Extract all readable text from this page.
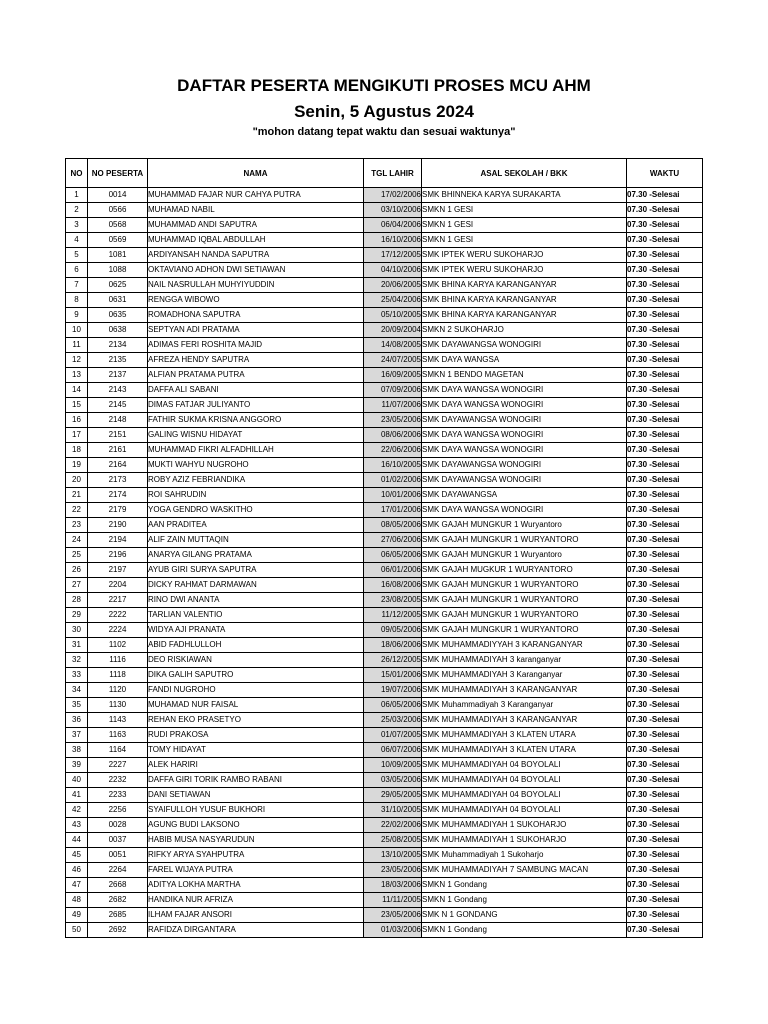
DAFTAR PESERTA MENGIKUTI PROSES MCU AHM
Senin, 5 Agustus 2024
"mohon datang tepat waktu dan sesuai waktunya"
NO	NO PESERTA	NAMA	TGL LAHIR	ASAL SEKOLAH / BKK	WAKTU
1	0014	MUHAMMAD FAJAR NUR CAHYA PUTRA	17/02/2006	SMK BHINNEKA KARYA SURAKARTA	07.30 -Selesai
2	0566	MUHAMAD NABIL	03/10/2006	SMKN 1 GESI	07.30 -Selesai
3	0568	MUHAMMAD ANDI SAPUTRA	06/04/2006	SMKN 1 GESI	07.30 -Selesai
4	0569	MUHAMMAD IQBAL ABDULLAH	16/10/2006	SMKN 1 GESI	07.30 -Selesai
5	1081	ARDIYANSAH NANDA SAPUTRA	17/12/2005	SMK IPTEK WERU SUKOHARJO	07.30 -Selesai
6	1088	OKTAVIANO ADHON DWI SETIAWAN	04/10/2006	SMK IPTEK WERU SUKOHARJO	07.30 -Selesai
7	0625	NAIL NASRULLAH MUHYIYUDDIN	20/06/2005	SMK BHINA KARYA KARANGANYAR	07.30 -Selesai
8	0631	RENGGA WIBOWO	25/04/2006	SMK BHINA KARYA KARANGANYAR	07.30 -Selesai
9	0635	ROMADHONA SAPUTRA	05/10/2005	SMK BHINA KARYA KARANGANYAR	07.30 -Selesai
10	0638	SEPTYAN ADI PRATAMA	20/09/2004	SMKN 2 SUKOHARJO	07.30 -Selesai
11	2134	ADIMAS FERI ROSHITA MAJID	14/08/2005	SMK DAYAWANGSA WONOGIRI	07.30 -Selesai
12	2135	AFREZA HENDY SAPUTRA	24/07/2005	SMK DAYA WANGSA	07.30 -Selesai
13	2137	ALFIAN PRATAMA PUTRA	16/09/2005	SMKN 1 BENDO MAGETAN	07.30 -Selesai
14	2143	DAFFA ALI SABANI	07/09/2006	SMK DAYA WANGSA WONOGIRI	07.30 -Selesai
15	2145	DIMAS FATJAR JULIYANTO	11/07/2006	SMK DAYA WANGSA WONOGIRI	07.30 -Selesai
16	2148	FATHIR SUKMA KRISNA ANGGORO	23/05/2006	SMK DAYAWANGSA WONOGIRI	07.30 -Selesai
17	2151	GALING WISNU HIDAYAT	08/06/2006	SMK DAYA WANGSA WONOGIRI	07.30 -Selesai
18	2161	MUHAMMAD FIKRI ALFADHILLAH	22/06/2006	SMK DAYA WANGSA WONOGIRI	07.30 -Selesai
19	2164	MUKTI WAHYU NUGROHO	16/10/2005	SMK DAYAWANGSA WONOGIRI	07.30 -Selesai
20	2173	ROBY AZIZ FEBRIANDIKA	01/02/2006	SMK DAYAWANGSA WONOGIRI	07.30 -Selesai
21	2174	ROI SAHRUDIN	10/01/2006	SMK DAYAWANGSA	07.30 -Selesai
22	2179	YOGA GENDRO WASKITHO	17/01/2006	SMK DAYA WANGSA WONOGIRI	07.30 -Selesai
23	2190	AAN PRADITEA	08/05/2006	SMK GAJAH MUNGKUR 1 Wuryantoro	07.30 -Selesai
24	2194	ALIF ZAIN MUTTAQIN	27/06/2006	SMK GAJAH MUNGKUR 1 WURYANTORO	07.30 -Selesai
25	2196	ANARYA GILANG PRATAMA	06/05/2006	SMK GAJAH MUNGKUR 1 Wuryantoro	07.30 -Selesai
26	2197	AYUB GIRI SURYA SAPUTRA	06/01/2006	SMK GAJAH MUGKUR 1 WURYANTORO	07.30 -Selesai
27	2204	DICKY RAHMAT DARMAWAN	16/08/2006	SMK GAJAH MUNGKUR 1 WURYANTORO	07.30 -Selesai
28	2217	RINO DWI ANANTA	23/08/2005	SMK GAJAH MUNGKUR 1 WURYANTORO	07.30 -Selesai
29	2222	TARLIAN VALENTIO	11/12/2005	SMK GAJAH MUNGKUR 1 WURYANTORO	07.30 -Selesai
30	2224	WIDYA AJI PRANATA	09/05/2006	SMK GAJAH MUNGKUR 1 WURYANTORO	07.30 -Selesai
31	1102	ABID FADHLULLOH	18/06/2006	SMK MUHAMMADIYYAH 3 KARANGANYAR	07.30 -Selesai
32	1116	DEO RISKIAWAN	26/12/2005	SMK MUHAMMADIYAH 3 karanganyar	07.30 -Selesai
33	1118	DIKA GALIH SAPUTRO	15/01/2006	SMK MUHAMMADIYAH 3 Karanganyar	07.30 -Selesai
34	1120	FANDI NUGROHO	19/07/2006	SMK MUHAMMADIYAH 3 KARANGANYAR	07.30 -Selesai
35	1130	MUHAMAD NUR FAISAL	06/05/2006	SMK Muhammadiyah 3 Karanganyar	07.30 -Selesai
36	1143	REHAN EKO PRASETYO	25/03/2006	SMK MUHAMMADIYAH 3 KARANGANYAR	07.30 -Selesai
37	1163	RUDI PRAKOSA	01/07/2005	SMK MUHAMMADIYAH 3 KLATEN UTARA	07.30 -Selesai
38	1164	TOMY HIDAYAT	06/07/2006	SMK MUHAMMADIYAH 3 KLATEN UTARA	07.30 -Selesai
39	2227	ALEK HARIRI	10/09/2005	SMK MUHAMMADIYAH 04 BOYOLALI	07.30 -Selesai
40	2232	DAFFA GIRI TORIK RAMBO RABANI	03/05/2006	SMK MUHAMMADIYAH 04 BOYOLALI	07.30 -Selesai
41	2233	DANI SETIAWAN	29/05/2005	SMK MUHAMMADIYAH 04 BOYOLALI	07.30 -Selesai
42	2256	SYAIFULLOH YUSUF BUKHORI	31/10/2005	SMK MUHAMMADIYAH 04 BOYOLALI	07.30 -Selesai
43	0028	AGUNG BUDI LAKSONO	22/02/2006	SMK MUHAMMADIYAH 1 SUKOHARJO	07.30 -Selesai
44	0037	HABIB MUSA NASYARUDUN	25/08/2005	SMK MUHAMMADIYAH 1 SUKOHARJO	07.30 -Selesai
45	0051	RIFKY ARYA SYAHPUTRA	13/10/2005	SMK Muhammadiyah 1 Sukoharjo	07.30 -Selesai
46	2264	FAREL WIJAYA PUTRA	23/05/2006	SMK MUHAMMADIYAH 7 SAMBUNG MACAN	07.30 -Selesai
47	2668	ADITYA LOKHA MARTHA	18/03/2006	SMKN 1 Gondang	07.30 -Selesai
48	2682	HANDIKA NUR AFRIZA	11/11/2005	SMKN 1 Gondang	07.30 -Selesai
49	2685	ILHAM FAJAR ANSORI	23/05/2006	SMK N 1 GONDANG	07.30 -Selesai
50	2692	RAFIDZA DIRGANTARA	01/03/2006	SMKN 1 Gondang	07.30 -Selesai
